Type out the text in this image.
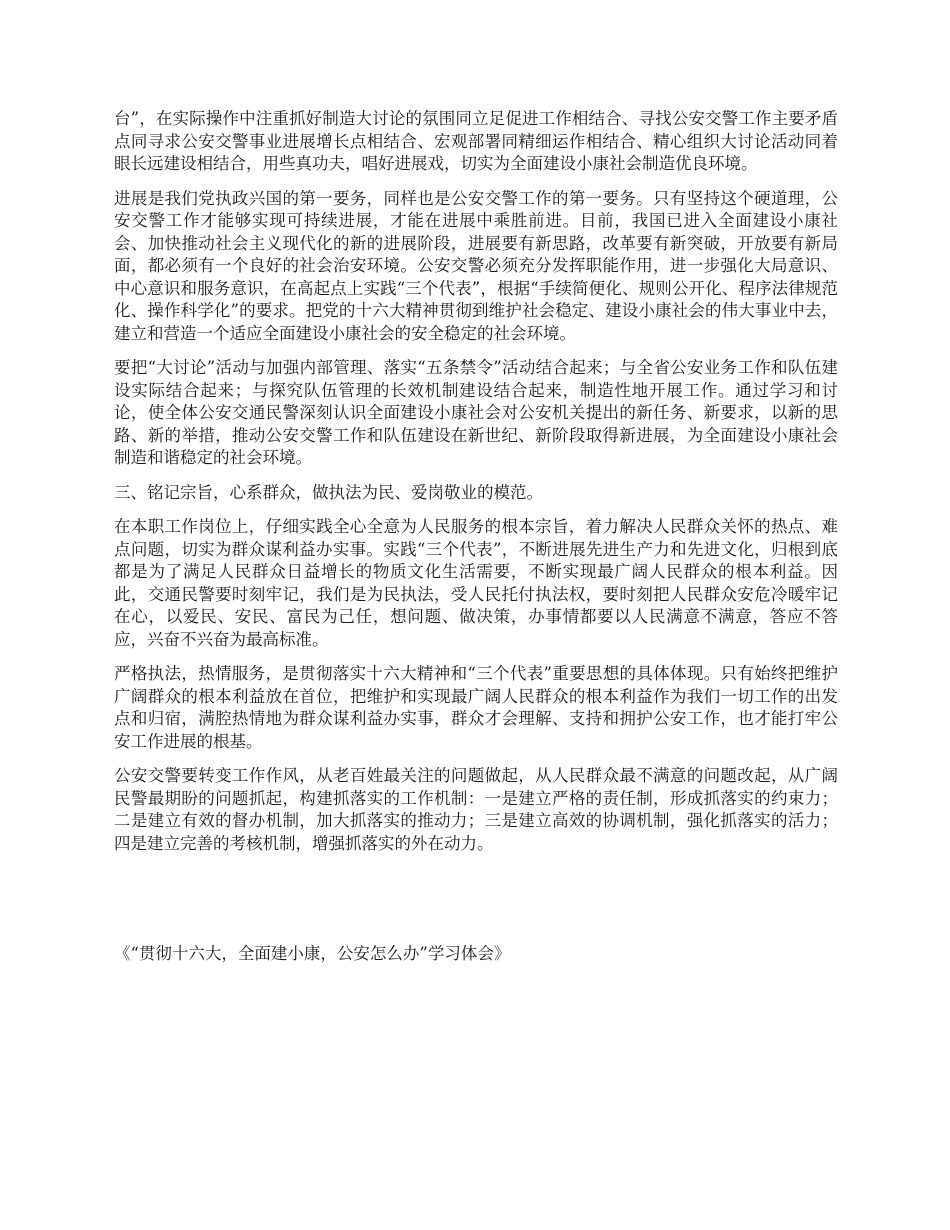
台”，在实际操作中注重抓好制造大讨论的氛围同立足促进工作相结合、寻找公安交警工作主要矛盾点同寻求公安交警事业进展增长点相结合、宏观部署同精细运作相结合、精心组织大讨论活动同着眼长远建设相结合，用些真功夫，唱好进展戏，切实为全面建设小康社会制造优良环境。

进展是我们党执政兴国的第一要务，同样也是公安交警工作的第一要务。只有坚持这个硬道理，公安交警工作才能够实现可持续进展，才能在进展中乘胜前进。目前，我国已进入全面建设小康社会、加快推动社会主义现代化的新的进展阶段，进展要有新思路，改革要有新突破，开放要有新局面，都必须有一个良好的社会治安环境。公安交警必须充分发挥职能作用，进一步强化大局意识、中心意识和服务意识，在高起点上实践“三个代表”，根据“手续简便化、规则公开化、程序法律规范化、操作科学化”的要求。把党的十六大精神贯彻到维护社会稳定、建设小康社会的伟大事业中去，建立和营造一个适应全面建设小康社会的安全稳定的社会环境。

要把“大讨论”活动与加强内部管理、落实“五条禁令”活动结合起来；与全省公安业务工作和队伍建设实际结合起来；与探究队伍管理的长效机制建设结合起来，制造性地开展工作。通过学习和讨论，使全体公安交通民警深刻认识全面建设小康社会对公安机关提出的新任务、新要求，以新的思路、新的举措，推动公安交警工作和队伍建设在新世纪、新阶段取得新进展，为全面建设小康社会制造和谐稳定的社会环境。

三、铭记宗旨，心系群众，做执法为民、爱岗敬业的模范。

在本职工作岗位上，仔细实践全心全意为人民服务的根本宗旨，着力解决人民群众关怀的热点、难点问题，切实为群众谋利益办实事。实践“三个代表”，不断进展先进生产力和先进文化，归根到底都是为了满足人民群众日益增长的物质文化生活需要，不断实现最广阔人民群众的根本利益。因此，交通民警要时刻牢记，我们是为民执法，受人民托付执法权，要时刻把人民群众安危冷暖牢记在心，以爱民、安民、富民为己任，想问题、做决策，办事情都要以人民满意不满意，答应不答应，兴奋不兴奋为最高标准。

严格执法，热情服务，是贯彻落实十六大精神和“三个代表”重要思想的具体体现。只有始终把维护广阔群众的根本利益放在首位，把维护和实现最广阔人民群众的根本利益作为我们一切工作的出发点和归宿，满腔热情地为群众谋利益办实事，群众才会理解、支持和拥护公安工作，也才能打牢公安工作进展的根基。

公安交警要转变工作作风，从老百姓最关注的问题做起，从人民群众最不满意的问题改起，从广阔民警最期盼的问题抓起，构建抓落实的工作机制：一是建立严格的责任制，形成抓落实的约束力；二是建立有效的督办机制，加大抓落实的推动力；三是建立高效的协调机制，强化抓落实的活力；四是建立完善的考核机制，增强抓落实的外在动力。

《“贯彻十六大，全面建小康，公安怎么办”学习体会》
